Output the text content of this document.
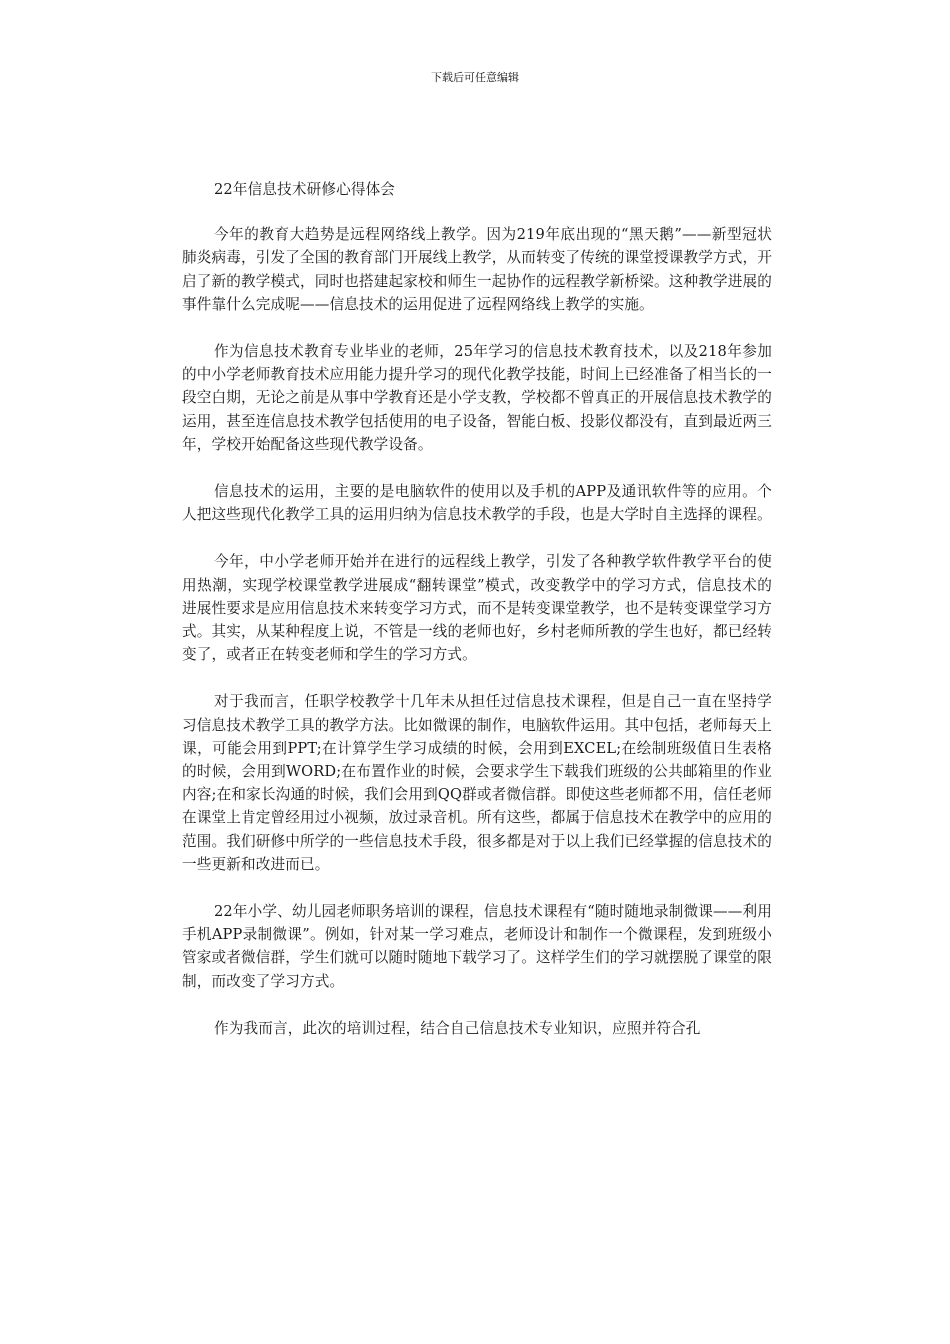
下载后可任意编辑
22年信息技术研修心得体会

今年的教育大趋势是远程网络线上教学。因为219年底出现的“黑天鹅”——新型冠状肺炎病毒，引发了全国的教育部门开展线上教学，从而转变了传统的课堂授课教学方式，开启了新的教学模式，同时也搭建起家校和师生一起协作的远程教学新桥梁。这种教学进展的事件靠什么完成呢——信息技术的运用促进了远程网络线上教学的实施。

作为信息技术教育专业毕业的老师，25年学习的信息技术教育技术，以及218年参加的中小学老师教育技术应用能力提升学习的现代化教学技能，时间上已经准备了相当长的一段空白期，无论之前是从事中学教育还是小学支教，学校都不曾真正的开展信息技术教学的运用，甚至连信息技术教学包括使用的电子设备，智能白板、投影仪都没有，直到最近两三年，学校开始配备这些现代教学设备。

信息技术的运用，主要的是电脑软件的使用以及手机的APP及通讯软件等的应用。个人把这些现代化教学工具的运用归纳为信息技术教学的手段，也是大学时自主选择的课程。

今年，中小学老师开始并在进行的远程线上教学，引发了各种教学软件教学平台的使用热潮，实现学校课堂教学进展成“翻转课堂”模式，改变教学中的学习方式，信息技术的进展性要求是应用信息技术来转变学习方式，而不是转变课堂教学，也不是转变课堂学习方式。其实，从某种程度上说，不管是一线的老师也好，乡村老师所教的学生也好，都已经转变了，或者正在转变老师和学生的学习方式。

对于我而言，任职学校教学十几年未从担任过信息技术课程，但是自己一直在坚持学习信息技术教学工具的教学方法。比如微课的制作，电脑软件运用。其中包括，老师每天上课，可能会用到PPT;在计算学生学习成绩的时候，会用到EXCEL;在绘制班级值日生表格的时候，会用到WORD;在布置作业的时候，会要求学生下载我们班级的公共邮箱里的作业内容;在和家长沟通的时候，我们会用到QQ群或者微信群。即使这些老师都不用，信任老师在课堂上肯定曾经用过小视频，放过录音机。所有这些，都属于信息技术在教学中的应用的范围。我们研修中所学的一些信息技术手段，很多都是对于以上我们已经掌握的信息技术的一些更新和改进而已。

22年小学、幼儿园老师职务培训的课程，信息技术课程有“随时随地录制微课——利用手机APP录制微课”。例如，针对某一学习难点，老师设计和制作一个微课程，发到班级小管家或者微信群，学生们就可以随时随地下载学习了。这样学生们的学习就摆脱了课堂的限制，而改变了学习方式。

作为我而言，此次的培训过程，结合自己信息技术专业知识，应照并符合孔
